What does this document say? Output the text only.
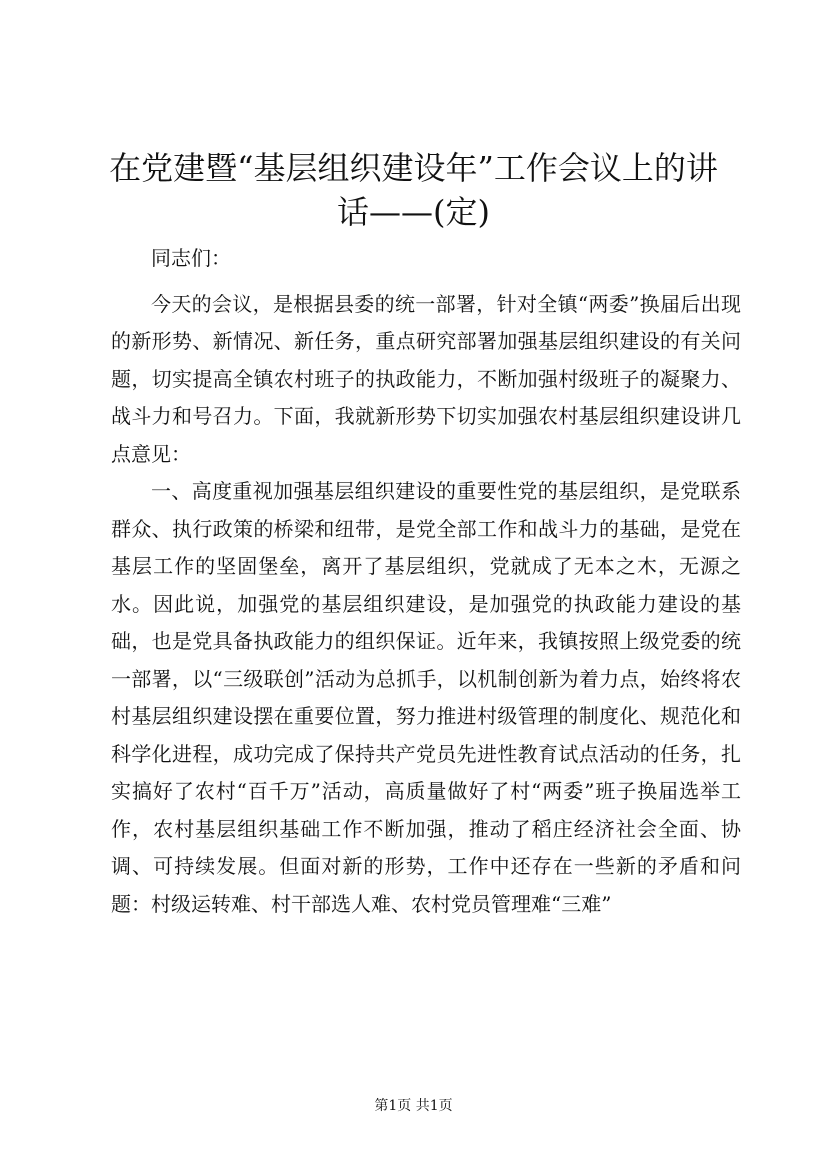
在党建暨“基层组织建设年”工作会议上的讲话——(定)

同志们：

今天的会议，是根据县委的统一部署，针对全镇“两委”换届后出现的新形势、新情况、新任务，重点研究部署加强基层组织建设的有关问题，切实提高全镇农村班子的执政能力，不断加强村级班子的凝聚力、战斗力和号召力。下面，我就新形势下切实加强农村基层组织建设讲几点意见：

一、高度重视加强基层组织建设的重要性党的基层组织，是党联系群众、执行政策的桥梁和纽带，是党全部工作和战斗力的基础，是党在基层工作的坚固堡垒，离开了基层组织，党就成了无本之木，无源之水。因此说，加强党的基层组织建设，是加强党的执政能力建设的基础，也是党具备执政能力的组织保证。近年来，我镇按照上级党委的统一部署，以“三级联创”活动为总抓手，以机制创新为着力点，始终将农村基层组织建设摆在重要位置，努力推进村级管理的制度化、规范化和科学化进程，成功完成了保持共产党员先进性教育试点活动的任务，扎实搞好了农村“百千万”活动，高质量做好了村“两委”班子换届选举工作，农村基层组织基础工作不断加强，推动了稻庄经济社会全面、协调、可持续发展。但面对新的形势，工作中还存在一些新的矛盾和问题：村级运转难、村干部选人难、农村党员管理难“三难”

第1页 共1页
